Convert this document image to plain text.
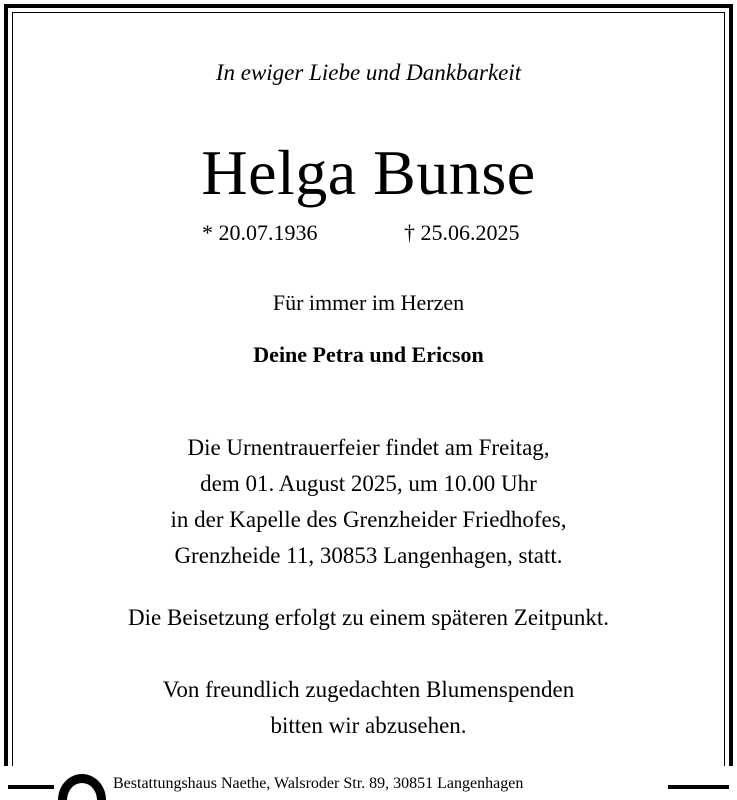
In ewiger Liebe und Dankbarkeit
Helga Bunse
* 20.07.1936	† 25.06.2025
Für immer im Herzen
Deine Petra und Ericson
Die Urnentrauerfeier findet am Freitag,
dem 01. August 2025, um 10.00 Uhr
in der Kapelle des Grenzheider Friedhofes,
Grenzheide 11, 30853 Langenhagen, statt.
Die Beisetzung erfolgt zu einem späteren Zeitpunkt.
Von freundlich zugedachten Blumenspenden
bitten wir abzusehen.
Bestattungshaus Naethe, Walsroder Str. 89, 30851 Langenhagen
